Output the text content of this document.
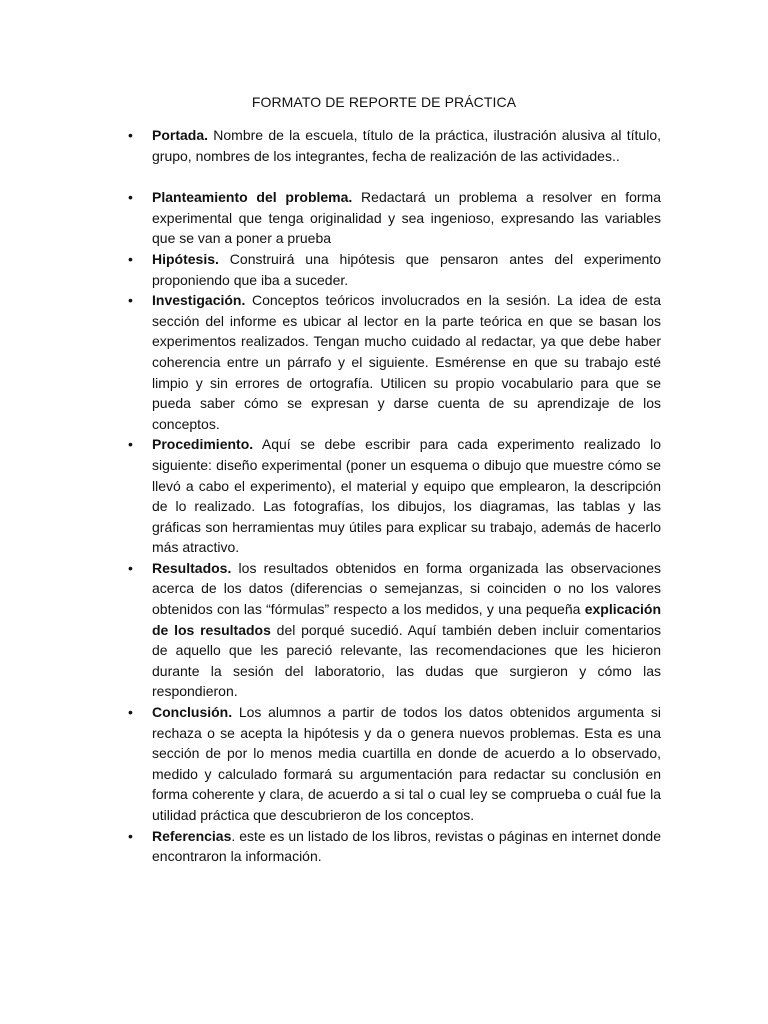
FORMATO DE REPORTE DE PRÁCTICA
•	Portada. Nombre de la escuela, título de la práctica, ilustración alusiva al título, grupo, nombres de los integrantes, fecha de realización de las actividades..
•	Planteamiento del problema. Redactará un problema a resolver en forma experimental que tenga originalidad y sea ingenioso, expresando las variables que se van a poner a prueba
•	Hipótesis. Construirá una hipótesis que pensaron antes del experimento proponiendo que iba a suceder.
•	Investigación. Conceptos teóricos involucrados en la sesión. La idea de esta sección del informe es ubicar al lector en la parte teórica en que se basan los experimentos realizados. Tengan mucho cuidado al redactar, ya que debe haber coherencia entre un párrafo y el siguiente. Esmérense en que su trabajo esté limpio y sin errores de ortografía. Utilicen su propio vocabulario para que se pueda saber cómo se expresan y darse cuenta de su aprendizaje de los conceptos.
•	Procedimiento. Aquí se debe escribir para cada experimento realizado lo siguiente: diseño experimental (poner un esquema o dibujo que muestre cómo se llevó a cabo el experimento), el material y equipo que emplearon, la descripción de lo realizado. Las fotografías, los dibujos, los diagramas, las tablas y las gráficas son herramientas muy útiles para explicar su trabajo, además de hacerlo más atractivo.
•	Resultados. los resultados obtenidos en forma organizada las observaciones acerca de los datos (diferencias o semejanzas, si coinciden o no los valores obtenidos con las “fórmulas” respecto a los medidos, y una pequeña explicación de los resultados del porqué sucedió. Aquí también deben incluir comentarios de aquello que les pareció relevante, las recomendaciones que les hicieron durante la sesión del laboratorio, las dudas que surgieron y cómo las respondieron.
•	Conclusión. Los alumnos a partir de todos los datos obtenidos argumenta si rechaza o se acepta la hipótesis y da o genera nuevos problemas. Esta es una sección de por lo menos media cuartilla en donde de acuerdo a lo observado, medido y calculado formará su argumentación para redactar su conclusión en forma coherente y clara, de acuerdo a si tal o cual ley se comprueba o cuál fue la utilidad práctica que descubrieron de los conceptos.
•	Referencias. este es un listado de los libros, revistas o páginas en internet donde encontraron la información.
